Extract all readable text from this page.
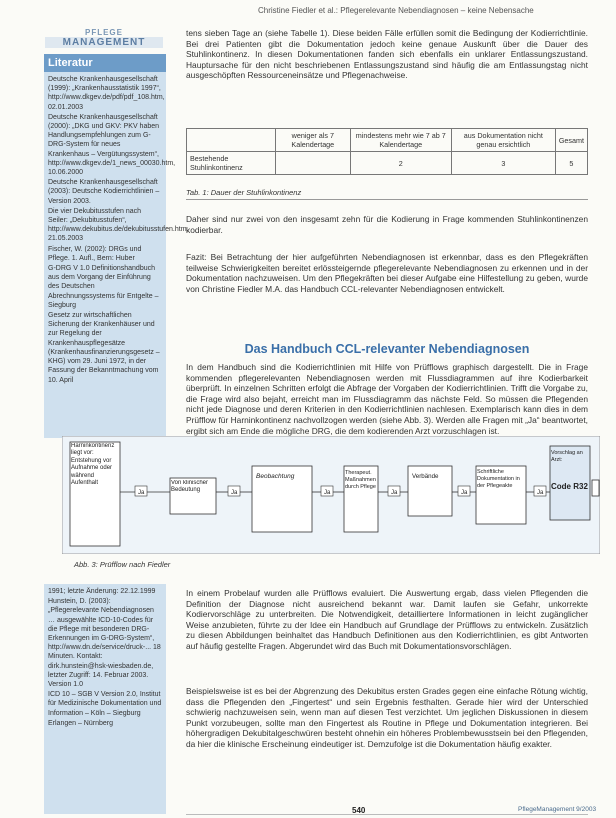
Christine Fiedler et al.: Pflegerelevante Nebendiagnosen – keine Nebensache
PFLEGE
MANAGEMENT
Literatur

Deutsche Krankenhausgesellschaft (1999): „Krankenhausstatistik 1997“, http://www.dkgev.de/pdf/pdf_108.htm, 02.01.2003

Deutsche Krankenhausgesellschaft (2000): „DKG und GKV: PKV haben Handlungsempfehlungen zum G-DRG-System für neues Krankenhaus – Vergütungssystem“, http://www.dkgev.de/1_news_00030.htm, 10.06.2000

Deutsche Krankenhausgesellschaft (2003): Deutsche Kodierrichtlinien – Version 2003.

Die vier Dekubitusstufen nach Seiler: „Dekubitusstufen“, http://www.dekubitus.de/dekubitusstufen.htm, 21.05.2003

Fischer, W. (2002): DRGs und Pflege. 1. Aufl., Bern: Huber

G-DRG V 1.0 Definitionshandbuch aus dem Vorgang der Einführung des Deutschen Abrechnungssystems für Entgelte – Siegburg

Gesetz zur wirtschaftlichen Sicherung der Krankenhäuser und zur Regelung der Krankenhauspflegesätze (Krankenhausfinanzierungsgesetz – KHG) vom 29. Juni 1972, in der Fassung der Bekanntmachung vom 10. April

1991; letzte Änderung: 22.12.1999

Hunstein, D. (2003): „Pflegerelevante Nebendiagnosen … ausgewählte ICD-10-Codes für die Pflege mit besonderen DRG-Erkennungen im G-DRG-System“, http://www.dn.de/service/druck-... 18 Minuten. Kontakt: dirk.hunstein@hsk-wiesbaden.de, letzter Zugriff: 14. Februar 2003. Version 1.0

ICD 10 – SGB V Version 2.0, Institut für Medizinische Dokumentation und Information – Köln – Siegburg

Erlangen – Nürnberg

tens sieben Tage an (siehe Tabelle 1). Diese beiden Fälle erfüllen somit die Bedingung der Kodierrichtlinie. Bei drei Patienten gibt die Dokumentation jedoch keine genaue Auskunft über die Dauer des Stuhlinkontinenz. In diesen Dokumentationen fanden sich ebenfalls ein unklarer Entlassungszustand. Hauptursache für den nicht beschriebenen Entlassungszustand sind häufig die am Entlassungstag nicht ausgeschöpften Ressourceneinsätze und Pflegenachweise.

	weniger als 7 Kalendertage	mindestens mehr wie 7 ab 7 Kalendertage	aus Dokumentation nicht genau ersichtlich	Gesamt
Bestehende Stuhlinkontinenz		2	3	5
Tab. 1: Dauer der Stuhlinkontinenz

Daher sind nur zwei von den insgesamt zehn für die Kodierung in Frage kommenden Stuhlinkontinenzen kodierbar.

Fazit: Bei Betrachtung der hier aufgeführten Nebendiagnosen ist erkennbar, dass es den Pflegekräften teilweise Schwierigkeiten bereitet erlössteigernde pflegerelevante Nebendiagnosen zu erkennen und in der Dokumentation nachzuweisen. Um den Pflegekräften bei dieser Aufgabe eine Hilfestellung zu geben, wurde von Christine Fiedler M.A. das Handbuch CCL-relevanter Nebendiagnosen entwickelt.

Das Handbuch CCL-relevanter Nebendiagnosen

In dem Handbuch sind die Kodierrichtlinien mit Hilfe von Prüfflows graphisch dargestellt. Die in Frage kommenden pflegerelevanten Nebendiagnosen werden mit Flussdiagrammen auf ihre Kodierbarkeit überprüft. In einzelnen Schritten erfolgt die Abfrage der Vorgaben der Kodierrichtlinien. Trifft die Vorgabe zu, die Frage wird also bejaht, erreicht man im Flussdiagramm das nächste Feld. So müssen die Pflegenden nicht jede Diagnose und deren Kriterien in den Kodierrichtlinien nachlesen. Exemplarisch kann dies in dem Prüfflow für Harninkontinenz nachvollzogen werden (siehe Abb. 3). Werden alle Fragen mit „Ja“ beantwortet, ergibt sich am Ende die mögliche DRG, die dem kodierenden Arzt vorzuschlagen ist.

Harninkontinenz liegt vor: Entstehung vor Aufnahme oder während Aufenthalt
Ja
Von klinischer Bedeutung	Ja
Beobachtung
Ja
Therapeut. Maßnahmen durch Pflege
Ja
Verbände
Ja
Schriftliche Dokumentation in der Pflegeakte
Ja
Vorschlag an Arzt:
Code R32
Abb. 3: Prüfflow nach Fiedler

In einem Probelauf wurden alle Prüfflows evaluiert. Die Auswertung ergab, dass vielen Pflegenden die Definition der Diagnose nicht ausreichend bekannt war. Damit laufen sie Gefahr, unkorrekte Kodiervorschläge zu unterbreiten. Die Notwendigkeit, detailliertere Informationen in leicht zugänglicher Weise anzubieten, führte zu der Idee ein Handbuch auf Grundlage der Prüfflows zu entwickeln. Zusätzlich zu diesen Abbildungen beinhaltet das Handbuch Definitionen aus den Kodierrichtlinien, es gibt Antworten auf häufig gestellte Fragen. Abgerundet wird das Buch mit Dokumentationsvorschlägen.

Beispielsweise ist es bei der Abgrenzung des Dekubitus ersten Grades gegen eine einfache Rötung wichtig, dass die Pflegenden den „Fingertest“ und sein Ergebnis festhalten. Gerade hier wird der Unterschied schwierig nachzuweisen sein, wenn man auf diesen Test verzichtet. Um jeglichen Diskussionen in diesem Punkt vorzubeugen, sollte man den Fingertest als Routine in Pflege und Dokumentation integrieren. Bei höhergradigen Dekubitalgeschwüren besteht ohnehin ein höheres Problembewusstsein bei den Pflegenden, da hier die klinische Erscheinung eindeutiger ist. Demzufolge ist die Dokumentation häufig exakter.

540	PflegeManagement 9/2003
